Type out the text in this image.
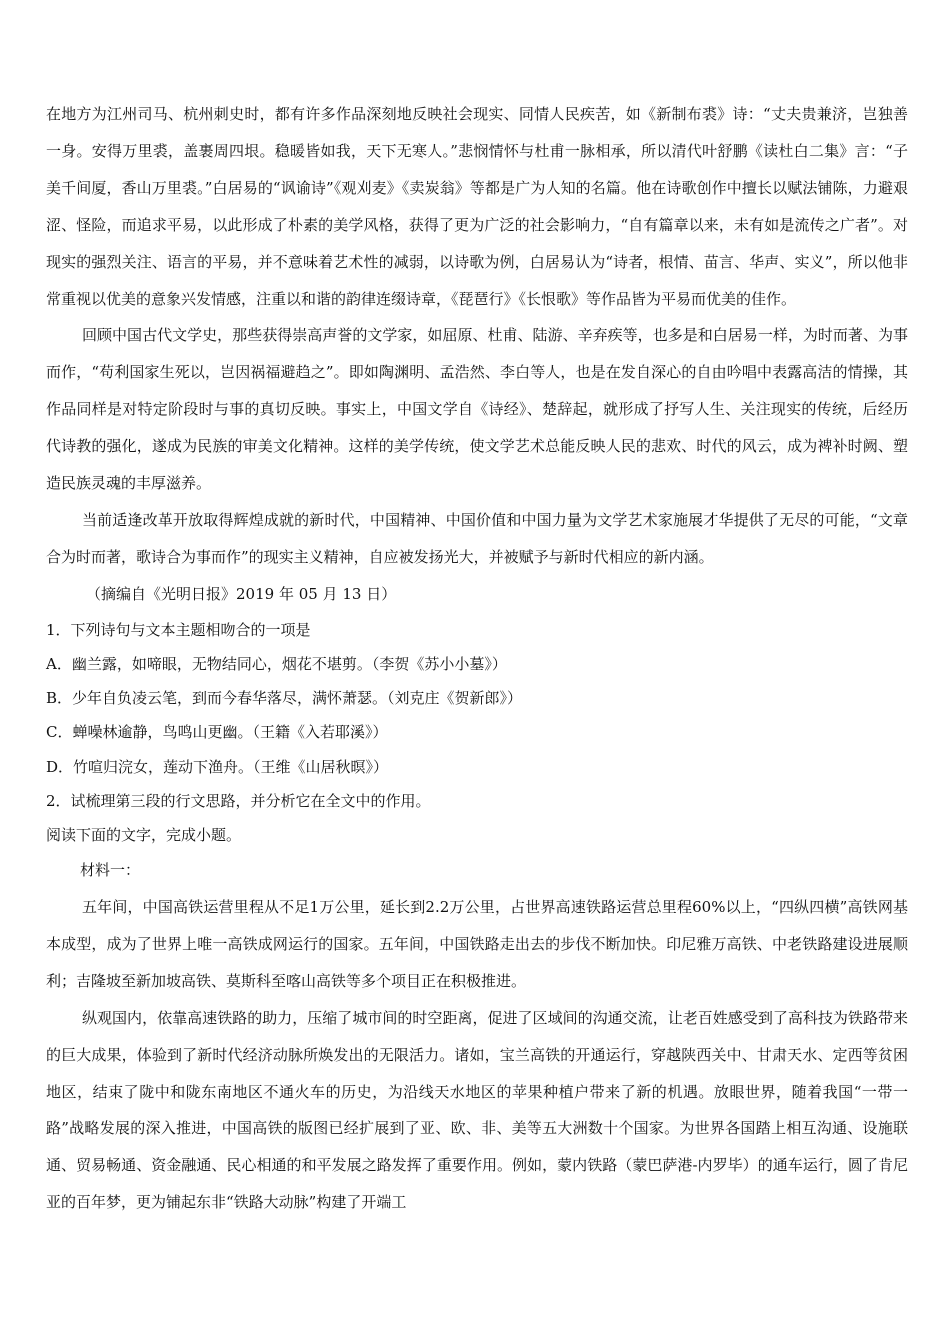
在地方为江州司马、杭州刺史时，都有许多作品深刻地反映社会现实、同情人民疾苦，如《新制布裘》诗：“丈夫贵兼济，岂独善一身。安得万里裘，盖裹周四垠。稳暖皆如我，天下无寒人。”悲悯情怀与杜甫一脉相承，所以清代叶舒鹏《读杜白二集》言：“子美千间厦，香山万里裘。”白居易的“讽谕诗”《观刈麦》《卖炭翁》等都是广为人知的名篇。他在诗歌创作中擅长以赋法铺陈，力避艰涩、怪险，而追求平易，以此形成了朴素的美学风格，获得了更为广泛的社会影响力，“自有篇章以来，未有如是流传之广者”。对现实的强烈关注、语言的平易，并不意味着艺术性的减弱，以诗歌为例，白居易认为“诗者，根情、苗言、华声、实义”，所以他非常重视以优美的意象兴发情感，注重以和谐的韵律连缀诗章，《琵琶行》《长恨歌》等作品皆为平易而优美的佳作。

回顾中国古代文学史，那些获得崇高声誉的文学家，如屈原、杜甫、陆游、辛弃疾等，也多是和白居易一样，为时而著、为事而作，“苟利国家生死以，岂因祸福避趋之”。即如陶渊明、孟浩然、李白等人，也是在发自深心的自由吟唱中表露高洁的情操，其作品同样是对特定阶段时与事的真切反映。事实上，中国文学自《诗经》、楚辞起，就形成了抒写人生、关注现实的传统，后经历代诗教的强化，遂成为民族的审美文化精神。这样的美学传统，使文学艺术总能反映人民的悲欢、时代的风云，成为裨补时阙、塑造民族灵魂的丰厚滋养。

当前适逢改革开放取得辉煌成就的新时代，中国精神、中国价值和中国力量为文学艺术家施展才华提供了无尽的可能，“文章合为时而著，歌诗合为事而作”的现实主义精神，自应被发扬光大，并被赋予与新时代相应的新内涵。

（摘编自《光明日报》2019 年 05 月 13 日）

1．下列诗句与文本主题相吻合的一项是

A．幽兰露，如啼眼，无物结同心，烟花不堪剪。（李贺《苏小小墓》）

B．少年自负凌云笔，到而今春华落尽，满怀萧瑟。（刘克庄《贺新郎》）

C．蝉噪林逾静，鸟鸣山更幽。（王籍《入若耶溪》）

D．竹喧归浣女，莲动下渔舟。（王维《山居秋暝》）

2．试梳理第三段的行文思路，并分析它在全文中的作用。

阅读下面的文字，完成小题。

材料一：

五年间，中国高铁运营里程从不足1万公里，延长到2.2万公里，占世界高速铁路运营总里程60%以上，“四纵四横”高铁网基本成型，成为了世界上唯一高铁成网运行的国家。五年间，中国铁路走出去的步伐不断加快。印尼雅万高铁、中老铁路建设进展顺利；吉隆坡至新加坡高铁、莫斯科至喀山高铁等多个项目正在积极推进。

纵观国内，依靠高速铁路的助力，压缩了城市间的时空距离，促进了区域间的沟通交流，让老百姓感受到了高科技为铁路带来的巨大成果，体验到了新时代经济动脉所焕发出的无限活力。诸如，宝兰高铁的开通运行，穿越陕西关中、甘肃天水、定西等贫困地区，结束了陇中和陇东南地区不通火车的历史，为沿线天水地区的苹果种植户带来了新的机遇。放眼世界，随着我国“一带一路”战略发展的深入推进，中国高铁的版图已经扩展到了亚、欧、非、美等五大洲数十个国家。为世界各国踏上相互沟通、设施联通、贸易畅通、资金融通、民心相通的和平发展之路发挥了重要作用。例如，蒙内铁路（蒙巴萨港-内罗毕）的通车运行，圆了肯尼亚的百年梦，更为铺起东非“铁路大动脉”构建了开端工
